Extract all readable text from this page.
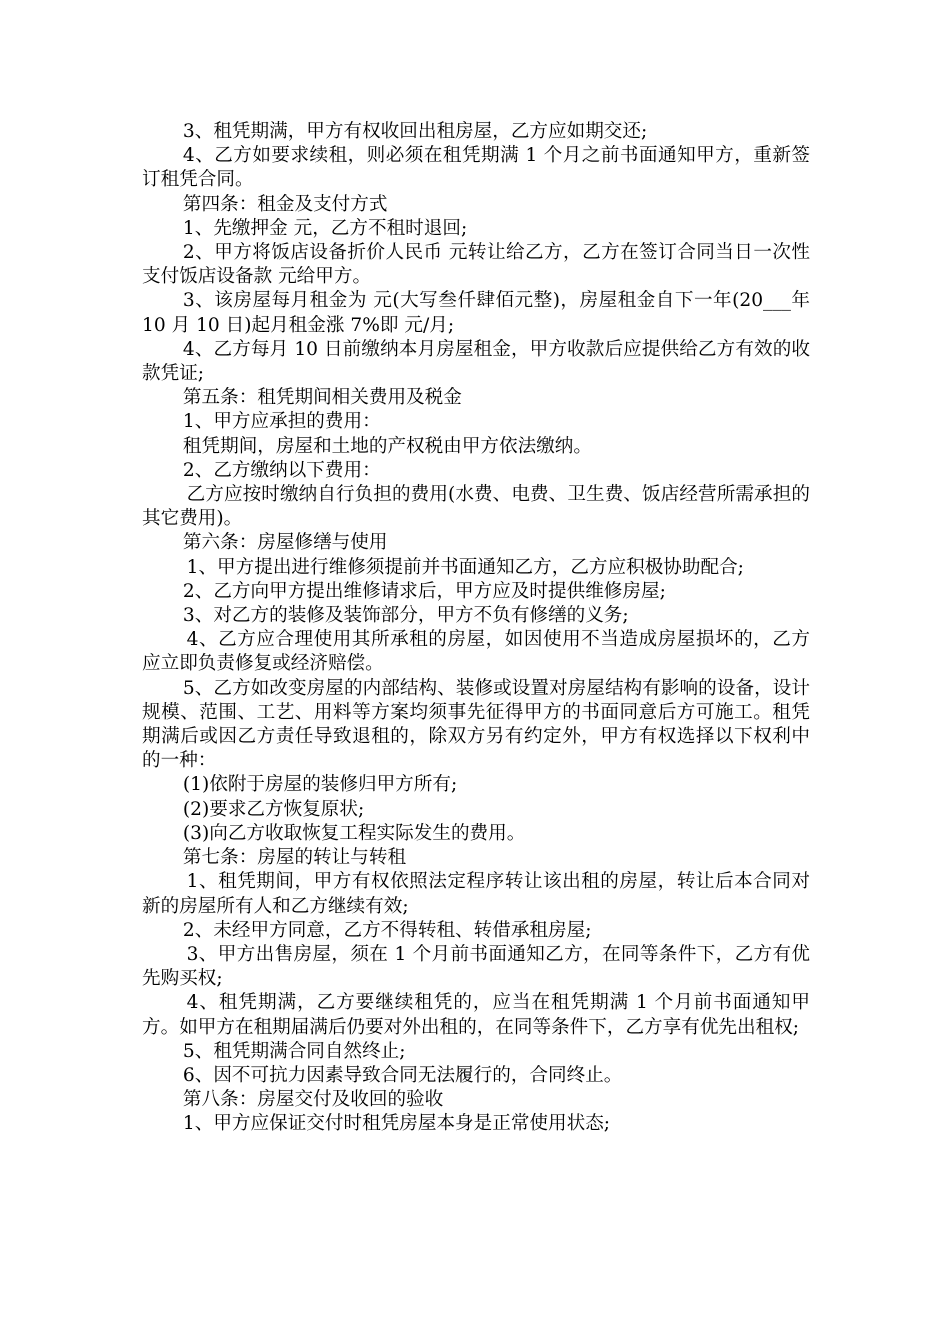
3、租凭期满，甲方有权收回出租房屋，乙方应如期交还;

4、乙方如要求续租，则必须在租凭期满 1 个月之前书面通知甲方，重新签订租凭合同。

第四条：租金及支付方式

1、先缴押金 元，乙方不租时退回;

2、甲方将饭店设备折价人民币 元转让给乙方，乙方在签订合同当日一次性支付饭店设备款 元给甲方。

3、该房屋每月租金为 元(大写叁仟肆佰元整)，房屋租金自下一年(20___年 10 月 10 日)起月租金涨 7%即 元/月;

4、乙方每月 10 日前缴纳本月房屋租金，甲方收款后应提供给乙方有效的收款凭证;

第五条：租凭期间相关费用及税金

1、甲方应承担的费用：

租凭期间，房屋和土地的产权税由甲方依法缴纳。

2、乙方缴纳以下费用：

乙方应按时缴纳自行负担的费用(水费、电费、卫生费、饭店经营所需承担的其它费用)。

第六条：房屋修缮与使用

1、甲方提出进行维修须提前并书面通知乙方，乙方应积极协助配合;

2、乙方向甲方提出维修请求后，甲方应及时提供维修房屋;

3、对乙方的装修及装饰部分，甲方不负有修缮的义务;

4、乙方应合理使用其所承租的房屋，如因使用不当造成房屋损坏的，乙方应立即负责修复或经济赔偿。

5、乙方如改变房屋的内部结构、装修或设置对房屋结构有影响的设备，设计规模、范围、工艺、用料等方案均须事先征得甲方的书面同意后方可施工。租凭期满后或因乙方责任导致退租的，除双方另有约定外，甲方有权选择以下权利中的一种：

(1)依附于房屋的装修归甲方所有;

(2)要求乙方恢复原状;

(3)向乙方收取恢复工程实际发生的费用。

第七条：房屋的转让与转租

1、租凭期间，甲方有权依照法定程序转让该出租的房屋，转让后本合同对新的房屋所有人和乙方继续有效;

2、未经甲方同意，乙方不得转租、转借承租房屋;

3、甲方出售房屋，须在 1 个月前书面通知乙方，在同等条件下，乙方有优先购买权;

4、租凭期满，乙方要继续租凭的，应当在租凭期满 1 个月前书面通知甲方。如甲方在租期届满后仍要对外出租的，在同等条件下，乙方享有优先出租权;

5、租凭期满合同自然终止;

6、因不可抗力因素导致合同无法履行的，合同终止。

第八条：房屋交付及收回的验收

1、甲方应保证交付时租凭房屋本身是正常使用状态;
